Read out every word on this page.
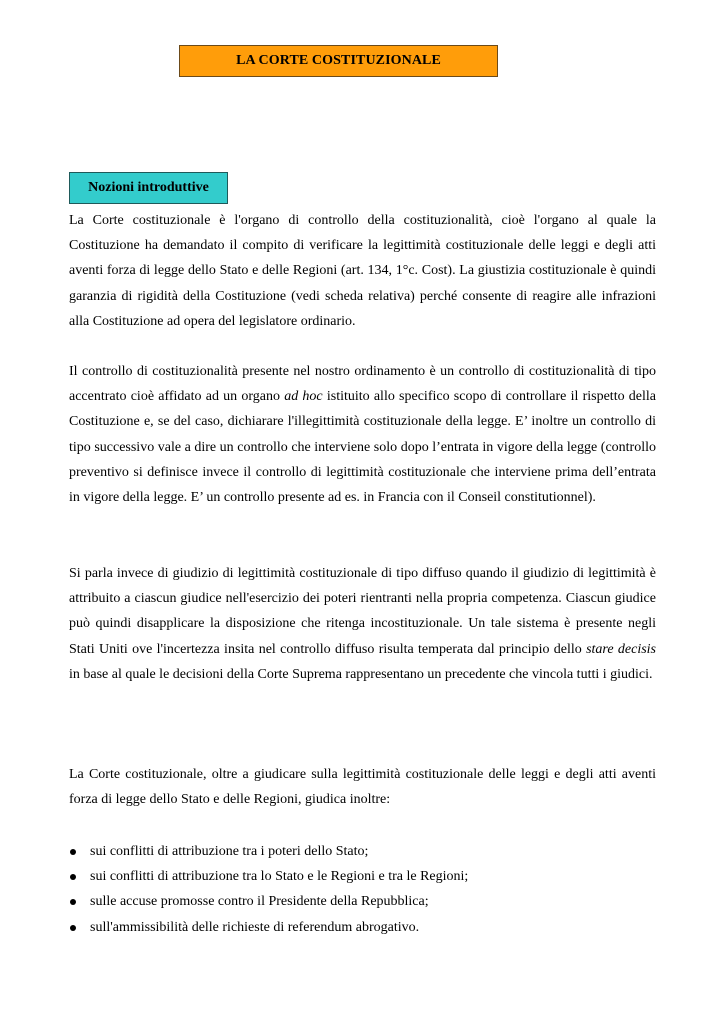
LA CORTE COSTITUZIONALE
Nozioni introduttive

La Corte costituzionale è l'organo di controllo della costituzionalità, cioè l'organo al quale la Costituzione ha demandato il compito di verificare la legittimità costituzionale delle leggi e degli atti aventi forza di legge dello Stato e delle Regioni (art. 134, 1°c. Cost). La giustizia costituzionale è quindi garanzia di rigidità della Costituzione (vedi scheda relativa) perché consente di reagire alle infrazioni alla Costituzione ad opera del legislatore ordinario.

Il controllo di costituzionalità presente nel nostro ordinamento è un controllo di costituzionalità di tipo accentrato cioè affidato ad un organo ad hoc istituito allo specifico scopo di controllare il rispetto della Costituzione e, se del caso, dichiarare l'illegittimità costituzionale della legge. E’ inoltre un controllo di tipo successivo vale a dire un controllo che interviene solo dopo l’entrata in vigore della legge (controllo preventivo si definisce invece il controllo di legittimità costituzionale che interviene prima dell’entrata in vigore della legge. E’ un controllo presente ad es. in Francia con il Conseil constitutionnel).

Si parla invece di giudizio di legittimità costituzionale di tipo diffuso quando il giudizio di legittimità è attribuito a ciascun giudice nell'esercizio dei poteri rientranti nella propria competenza. Ciascun giudice può quindi disapplicare la disposizione che ritenga incostituzionale. Un tale sistema è presente negli Stati Uniti ove l'incertezza insita nel controllo diffuso risulta temperata dal principio dello stare decisis in base al quale le decisioni della Corte Suprema rappresentano un precedente che vincola tutti i giudici.

La Corte costituzionale, oltre a giudicare sulla legittimità costituzionale delle leggi e degli atti aventi forza di legge dello Stato e delle Regioni, giudica inoltre:

sui conflitti di attribuzione tra i poteri dello Stato;
sui conflitti di attribuzione tra lo Stato e le Regioni e tra le Regioni;
sulle accuse promosse contro il Presidente della Repubblica;
sull'ammissibilità delle richieste di referendum abrogativo.
